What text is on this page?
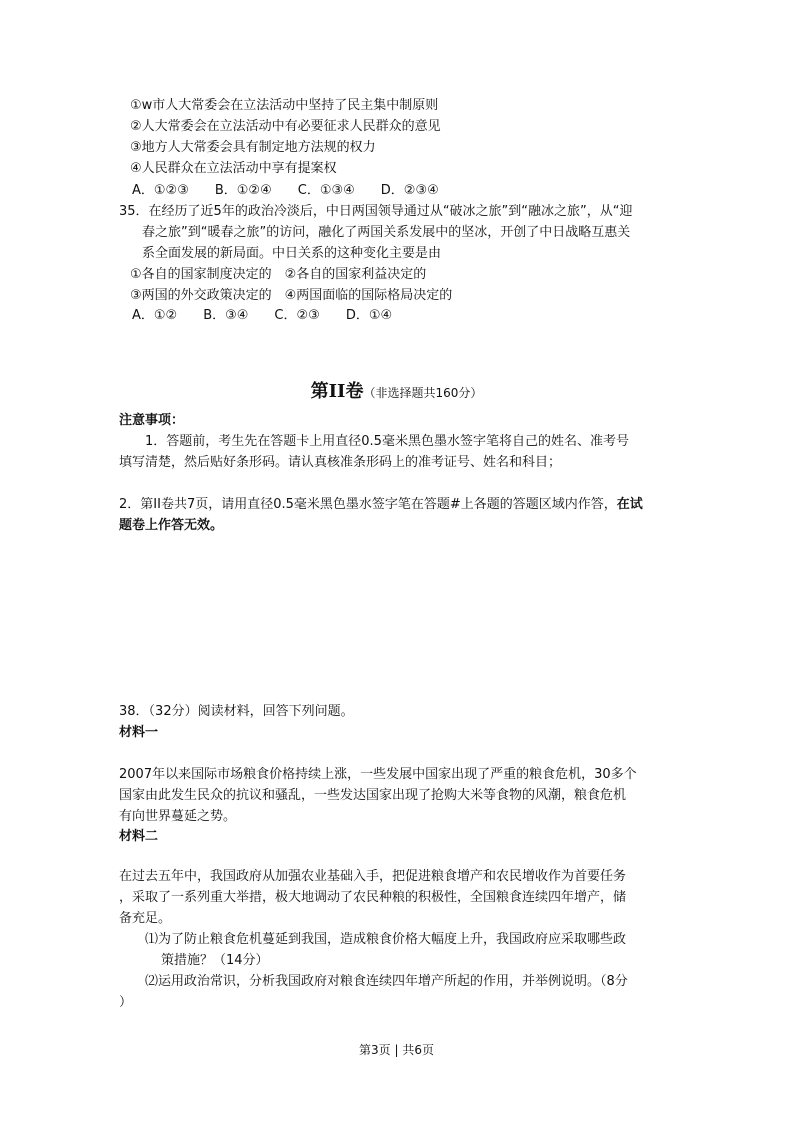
①w市人大常委会在立法活动中坚持了民主集中制原则
②人大常委会在立法活动中有必要征求人民群众的意见
③地方人大常委会具有制定地方法规的权力
④人民群众在立法活动中享有提案权
A．①②③　　B．①②④　　C．①③④　　D．②③④
35．在经历了近5年的政治冷淡后，中日两国领导通过从“破冰之旅”到“融冰之旅”，从“迎
春之旅”到“暖春之旅”的访问，融化了两国关系发展中的坚冰，开创了中日战略互惠关
系全面发展的新局面。中日关系的这种变化主要是由
①各自的国家制度决定的　②各自的国家利益决定的
③两国的外交政策决定的　④两国面临的国际格局决定的
A．①②　　B．③④　　C．②③　　D．①④
第II卷（非选择题共160分）
注意事项：
1．答题前，考生先在答题卡上用直径0.5毫米黑色墨水签字笔将自己的姓名、准考号
填写清楚，然后贴好条形码。请认真核准条形码上的准考证号、姓名和科目；
2．第II卷共7页，请用直径0.5毫米黑色墨水签字笔在答题#上各题的答题区域内作答，在试
题卷上作答无效。
38．（32分）阅读材料，回答下列问题。
材料一
2007年以来国际市场粮食价格持续上涨，一些发展中国家出现了严重的粮食危机，30多个
国家由此发生民众的抗议和骚乱，一些发达国家出现了抢购大米等食物的风潮，粮食危机
有向世界蔓延之势。
材料二
在过去五年中，我国政府从加强农业基础入手，把促进粮食增产和农民增收作为首要任务
，采取了一系列重大举措，极大地调动了农民种粮的积极性，全国粮食连续四年增产，储
备充足。
⑴为了防止粮食危机蔓延到我国，造成粮食价格大幅度上升，我国政府应采取哪些政
策措施？（14分）
⑵运用政治常识，分析我国政府对粮食连续四年增产所起的作用，并举例说明。（8分
）
第3页 | 共6页
